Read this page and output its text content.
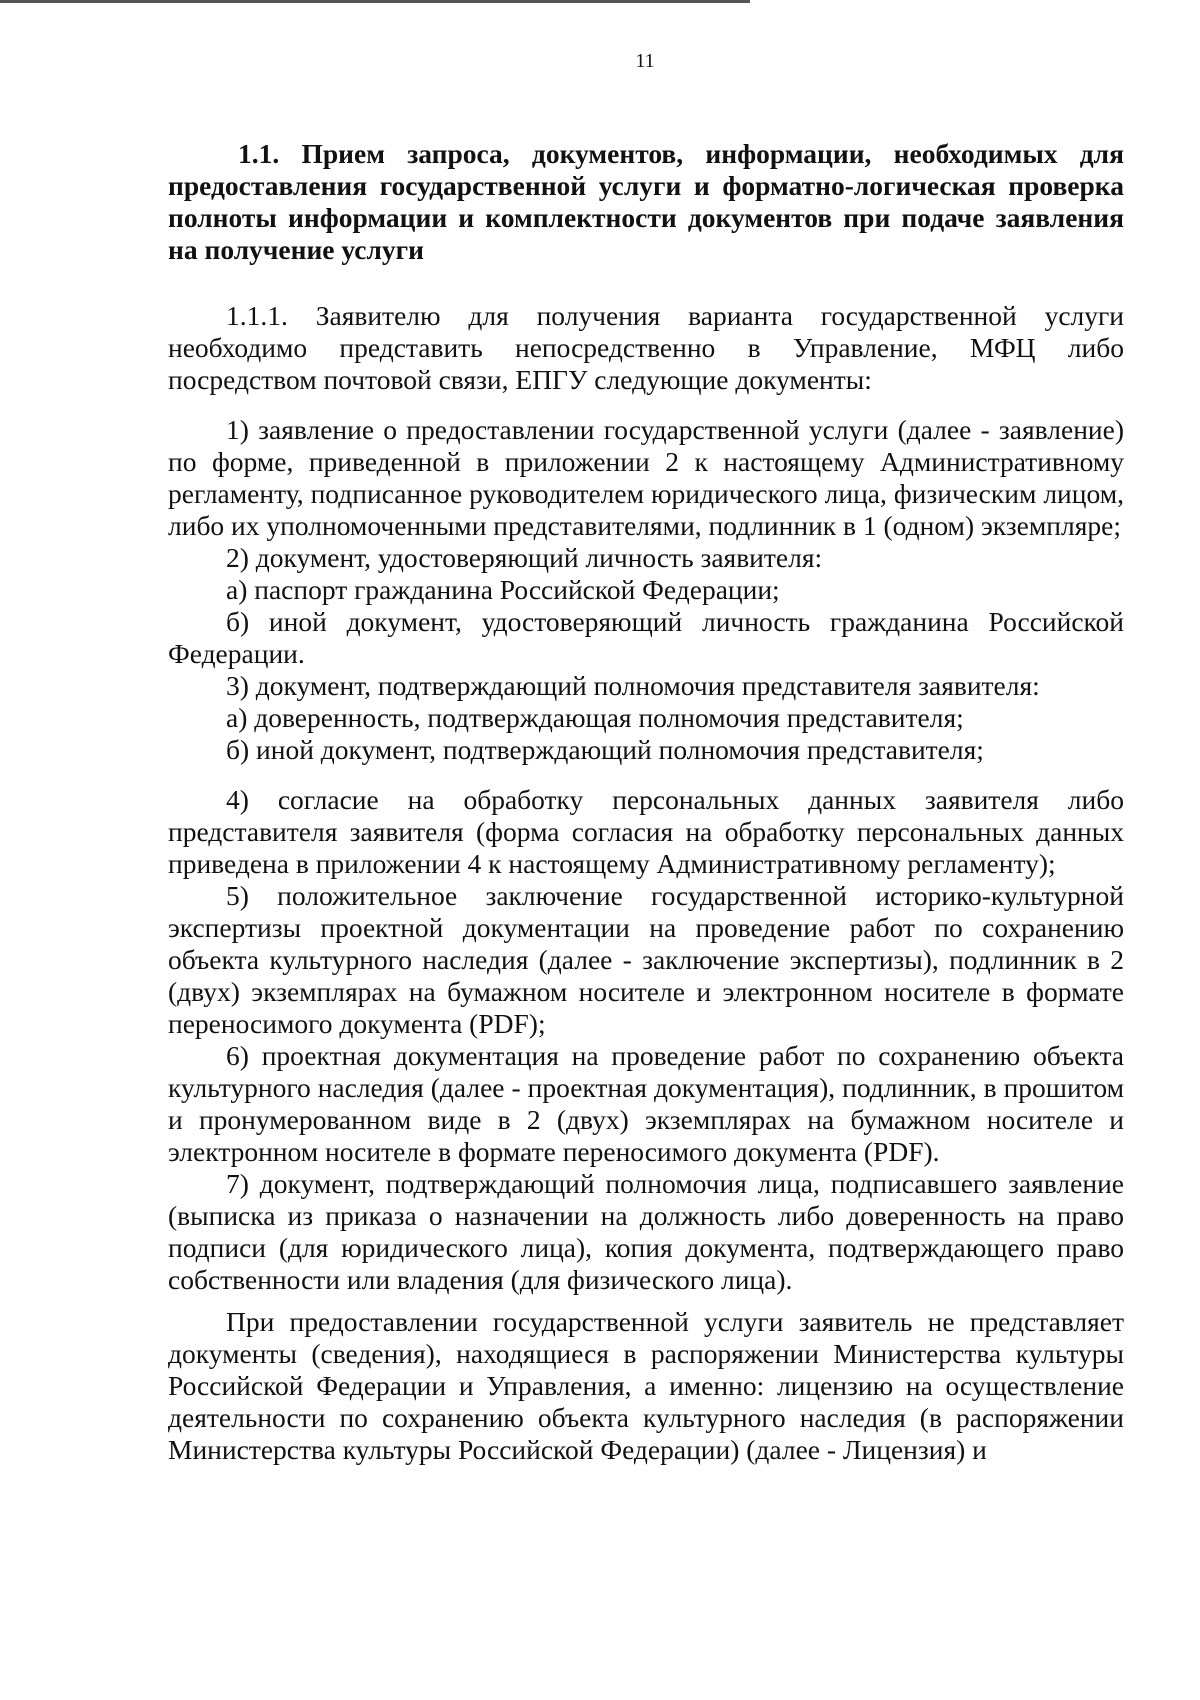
11
1.1. Прием запроса, документов, информации, необходимых для предоставления государственной услуги и форматно-логическая проверка полноты информации и комплектности документов при подаче заявления на получение услуги

1.1.1. Заявителю для получения варианта государственной услуги необходимо представить непосредственно в Управление, МФЦ либо посредством почтовой связи, ЕПГУ следующие документы:

1) заявление о предоставлении государственной услуги (далее - заявление) по форме, приведенной в приложении 2 к настоящему Административному регламенту, подписанное руководителем юридического лица, физическим лицом, либо их уполномоченными представителями, подлинник в 1 (одном) экземпляре;

2) документ, удостоверяющий личность заявителя:

а) паспорт гражданина Российской Федерации;

б) иной документ, удостоверяющий личность гражданина Российской Федерации.

3) документ, подтверждающий полномочия представителя заявителя:

а) доверенность, подтверждающая полномочия представителя;

б) иной документ, подтверждающий полномочия представителя;

4) согласие на обработку персональных данных заявителя либо представителя заявителя (форма согласия на обработку персональных данных приведена в приложении 4 к настоящему Административному регламенту);

5) положительное заключение государственной историко-культурной экспертизы проектной документации на проведение работ по сохранению объекта культурного наследия (далее - заключение экспертизы), подлинник в 2 (двух) экземплярах на бумажном носителе и электронном носителе в формате переносимого документа (PDF);

6) проектная документация на проведение работ по сохранению объекта культурного наследия (далее - проектная документация), подлинник, в прошитом и пронумерованном виде в 2 (двух) экземплярах на бумажном носителе и электронном носителе в формате переносимого документа (PDF).

7) документ, подтверждающий полномочия лица, подписавшего заявление (выписка из приказа о назначении на должность либо доверенность на право подписи (для юридического лица), копия документа, подтверждающего право собственности или владения (для физического лица).

При предоставлении государственной услуги заявитель не представляет документы (сведения), находящиеся в распоряжении Министерства культуры Российской Федерации и Управления, а именно: лицензию на осуществление деятельности по сохранению объекта культурного наследия (в распоряжении Министерства культуры Российской Федерации) (далее - Лицензия) и
